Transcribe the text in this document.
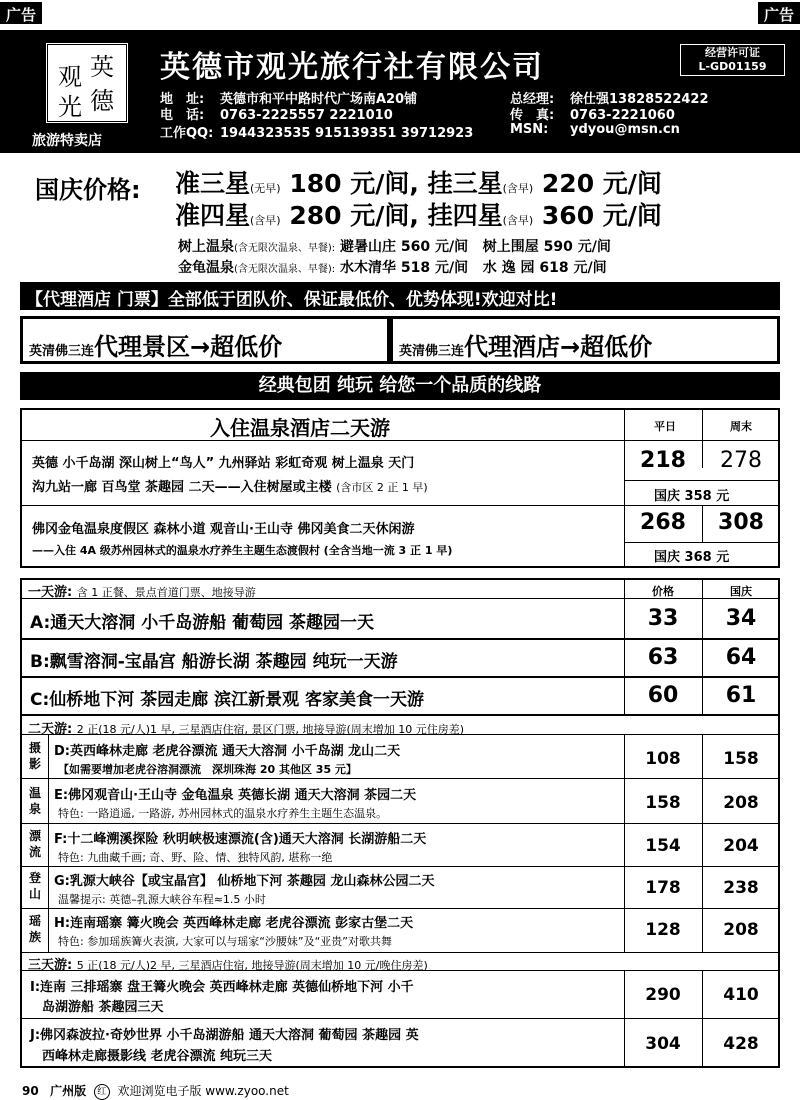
广告	广告
英
德
观
光
旅游特卖店
英德市观光旅行社有限公司	经营许可证
L-GD01159
地　址: 英德市和平中路时代广场南A20铺
电　话: 0763-2225557 2221010
工作QQ: 1944323535 915139351 39712923
总经理: 徐仕强13828522422
传　真: 0763-2221060
MSN: ydyou@msn.cn
国庆价格: 准三星(无早) 180 元/间, 挂三星(含早) 220 元/间
准四星(含早) 280 元/间, 挂四星(含早) 360 元/间
树上温泉(含无限次温泉、早餐): 避暑山庄 560 元/间 树上围屋 590 元/间
金龟温泉(含无限次温泉、早餐): 水木清华 518 元/间 水 逸 园 618 元/间
【代理酒店 门票】全部低于团队价、保证最低价、优势体现!欢迎对比!
英清佛三连代理景区→超低价	英清佛三连代理酒店→超低价
经典包团 纯玩 给您一个品质的线路
入住温泉酒店二天游	平日	周末
英德 小千岛湖 深山树上“鸟人” 九州驿站 彩虹奇观 树上温泉 天门
沟九站一廊 百鸟堂 茶趣园 二天——入住树屋或主楼 (含市区 2 正 1 早)
218	278
国庆 358 元
佛冈金龟温泉度假区 森林小道 观音山·王山寺 佛冈美食二天休闲游
——入住 4A 级苏州园林式的温泉水疗养生主题生态渡假村 (全含当地一流 3 正 1 早)
268	308
国庆 368 元
一天游: 含 1 正餐、景点首道门票、地接导游	价格	国庆
A:通天大溶洞 小千岛游船 葡萄园 茶趣园一天	33	34
B:飘雪溶洞-宝晶宫 船游长湖 茶趣园 纯玩一天游	63	64
C:仙桥地下河 茶园走廊 滨江新景观 客家美食一天游	60	61
二天游: 2 正(18 元/人)1 早, 三星酒店住宿, 景区门票, 地接导游(周末增加 10 元住房差)
摄影
D:英西峰林走廊 老虎谷漂流 通天大溶洞 小千岛湖 龙山二天
【如需要增加老虎谷溶洞漂流　深圳珠海 20 其他区 35 元】
108	158
温泉
E:佛冈观音山·王山寺 金龟温泉 英德长湖 通天大溶洞 茶园二天
特色: 一路逍遥, 一路游, 苏州园林式的温泉水疗养生主题生态温泉。
158	208
漂流
F:十二峰溯溪探险 秋明峡极速漂流(含)通天大溶洞 长湖游船二天
特色: 九曲藏千画; 奇、野、险、情、独特风韵, 堪称一绝
154	204
登山
G:乳源大峡谷【或宝晶宫】 仙桥地下河 茶趣园 龙山森林公园二天
温馨提示: 英德–乳源大峡谷车程≈1.5 小时
178	238
瑶族
H:连南瑶寨 篝火晚会 英西峰林走廊 老虎谷漂流 彭家古堡二天
特色: 参加瑶族篝火表演, 大家可以与瑶家“沙腰妹”及“亚贵”对歌共舞
128	208
三天游: 5 正(18 元/人)2 早, 三星酒店住宿, 地接导游(周末增加 10 元/晚住房差)
I:连南 三排瑶寨 盘王篝火晚会 英西峰林走廊 英德仙桥地下河 小千
岛湖游船 茶趣园三天
290	410
J:佛冈森波拉·奇妙世界 小千岛湖游船 通天大溶洞 葡萄园 茶趣园 英
西峰林走廊摄影线 老虎谷漂流 纯玩三天
304	428
90 广州版 红 欢迎浏览电子版 www.zyoo.net
